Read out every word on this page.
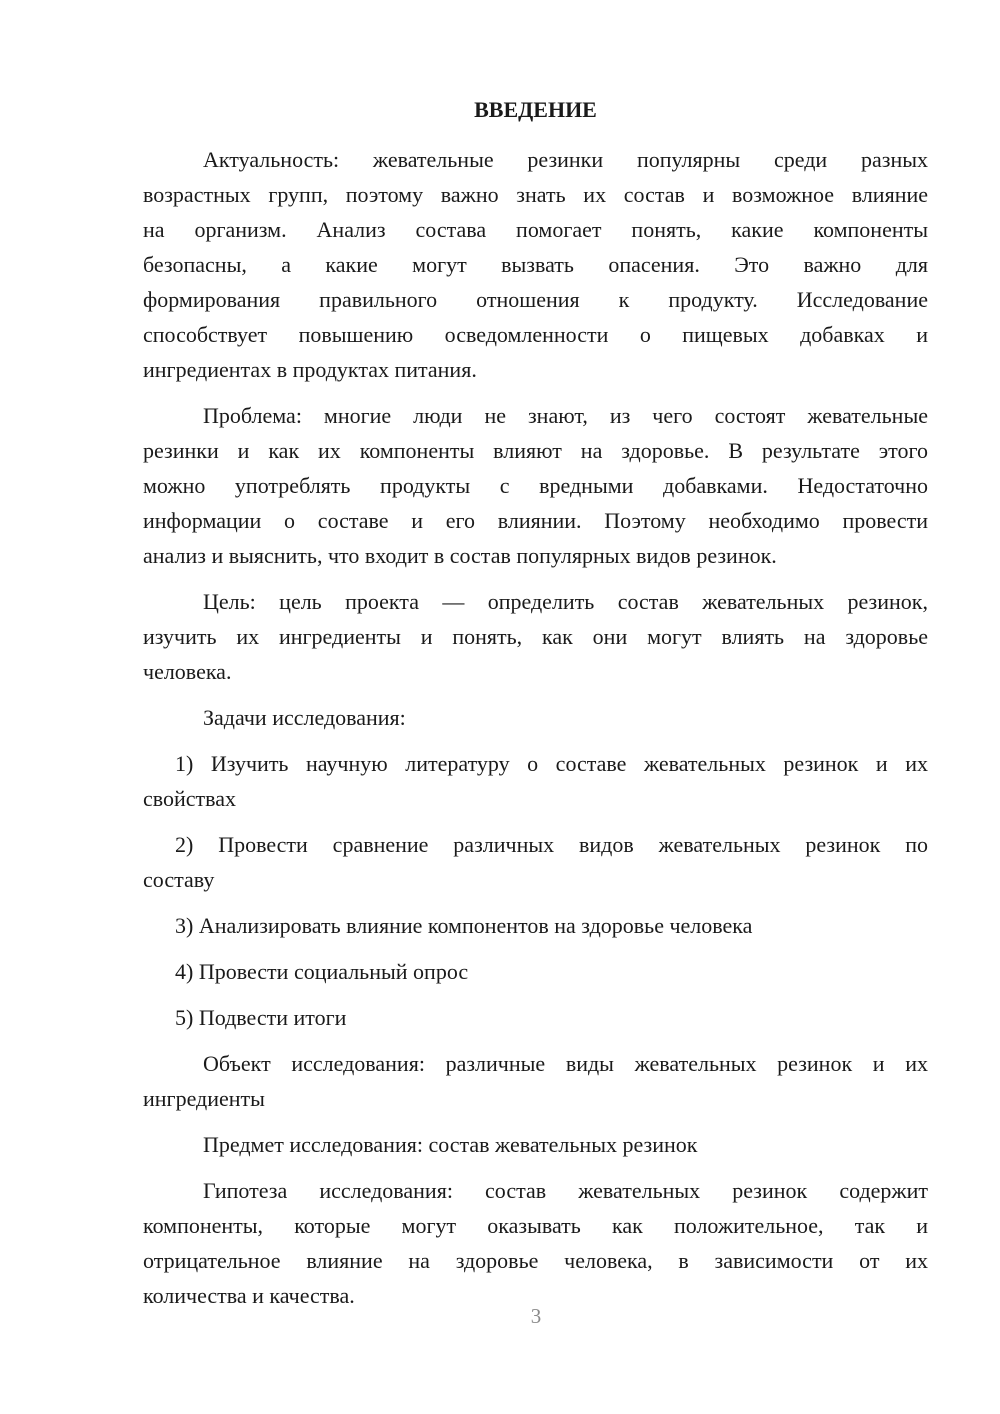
ВВЕДЕНИЕ
Актуальность: жевательные резинки популярны среди разных
возрастных групп, поэтому важно знать их состав и возможное влияние
на организм. Анализ состава помогает понять, какие компоненты
безопасны, а какие могут вызвать опасения. Это важно для
формирования правильного отношения к продукту. Исследование
способствует повышению осведомленности о пищевых добавках и
ингредиентах в продуктах питания.
Проблема: многие люди не знают, из чего состоят жевательные
резинки и как их компоненты влияют на здоровье. В результате этого
можно употреблять продукты с вредными добавками. Недостаточно
информации о составе и его влиянии. Поэтому необходимо провести
анализ и выяснить, что входит в состав популярных видов резинок.
Цель: цель проекта — определить состав жевательных резинок,
изучить их ингредиенты и понять, как они могут влиять на здоровье
человека.
Задачи исследования:
1) Изучить научную литературу о составе жевательных резинок и их
свойствах
2) Провести сравнение различных видов жевательных резинок по
составу
3) Анализировать влияние компонентов на здоровье человека
4) Провести социальный опрос
5) Подвести итоги
Объект исследования: различные виды жевательных резинок и их
ингредиенты
Предмет исследования: состав жевательных резинок
Гипотеза исследования: состав жевательных резинок содержит
компоненты, которые могут оказывать как положительное, так и
отрицательное влияние на здоровье человека, в зависимости от их
количества и качества.
3
